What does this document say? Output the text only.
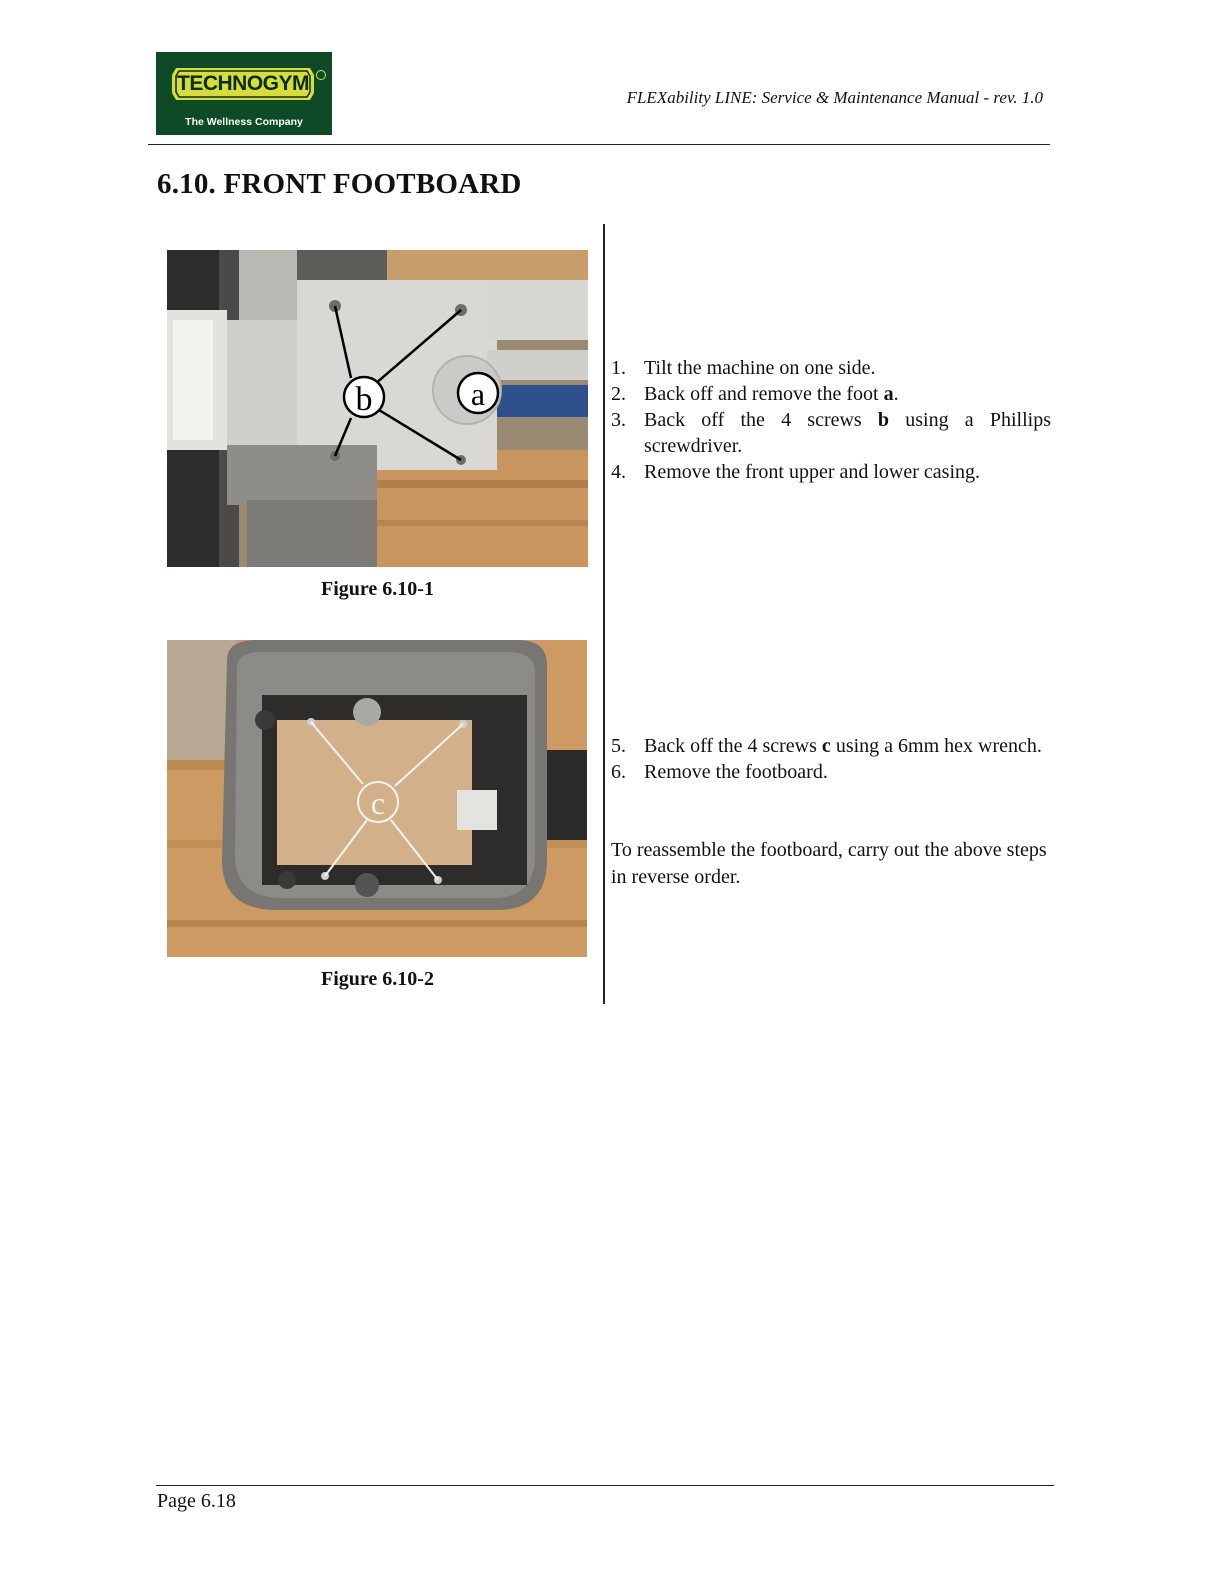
TECHNOGYM
The Wellness Company
FLEXability LINE: Service & Maintenance Manual - rev. 1.0
6.10. FRONT FOOTBOARD
b	a
Figure 6.10-1
c
Figure 6.10-2
1. Tilt the machine on one side.
2. Back off and remove the foot a.
3. Back off the 4 screws b using a Phillips screwdriver.
4. Remove the front upper and lower casing.
5. Back off the 4 screws c using a 6mm hex wrench.
6. Remove the footboard.
To reassemble the footboard, carry out the above steps in reverse order.
Page 6.18
